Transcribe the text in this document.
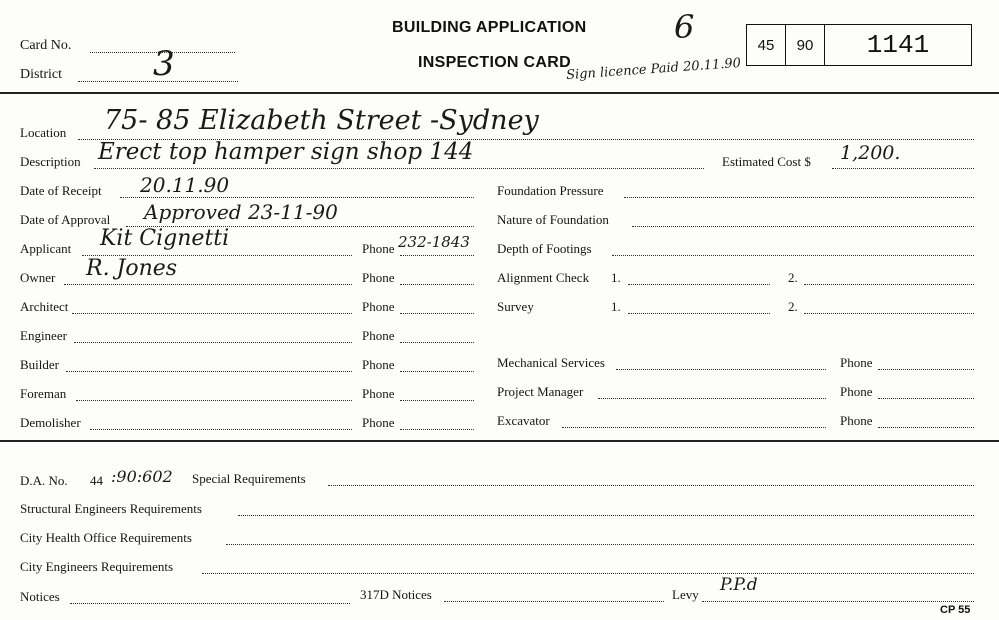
Card No.
District	3
BUILDING APPLICATION
INSPECTION CARD
6
Sign licence Paid 20.11.90
45	90	1141
Location 75- 85 Elizabeth Street -Sydney
Description Erect top hamper sign shop 144	Estimated Cost $ 1,200.
Date of Receipt 20.11.90
Date of Approval Approved 23-11-90
Applicant Kit Cignetti	Phone 232-1843
Owner R. Jones	Phone
Architect	Phone
Engineer	Phone
Builder	Phone
Foreman	Phone
Demolisher	Phone
Foundation Pressure
Nature of Foundation
Depth of Footings
Alignment Check 1.	2.
Survey	1.	2.
Mechanical Services	Phone
Project Manager	Phone
Excavator	Phone
D.A. No. 44 :90:602 Special Requirements
Structural Engineers Requirements
City Health Office Requirements
City Engineers Requirements
Notices	317D Notices	Levy P.P.d
CP 55
